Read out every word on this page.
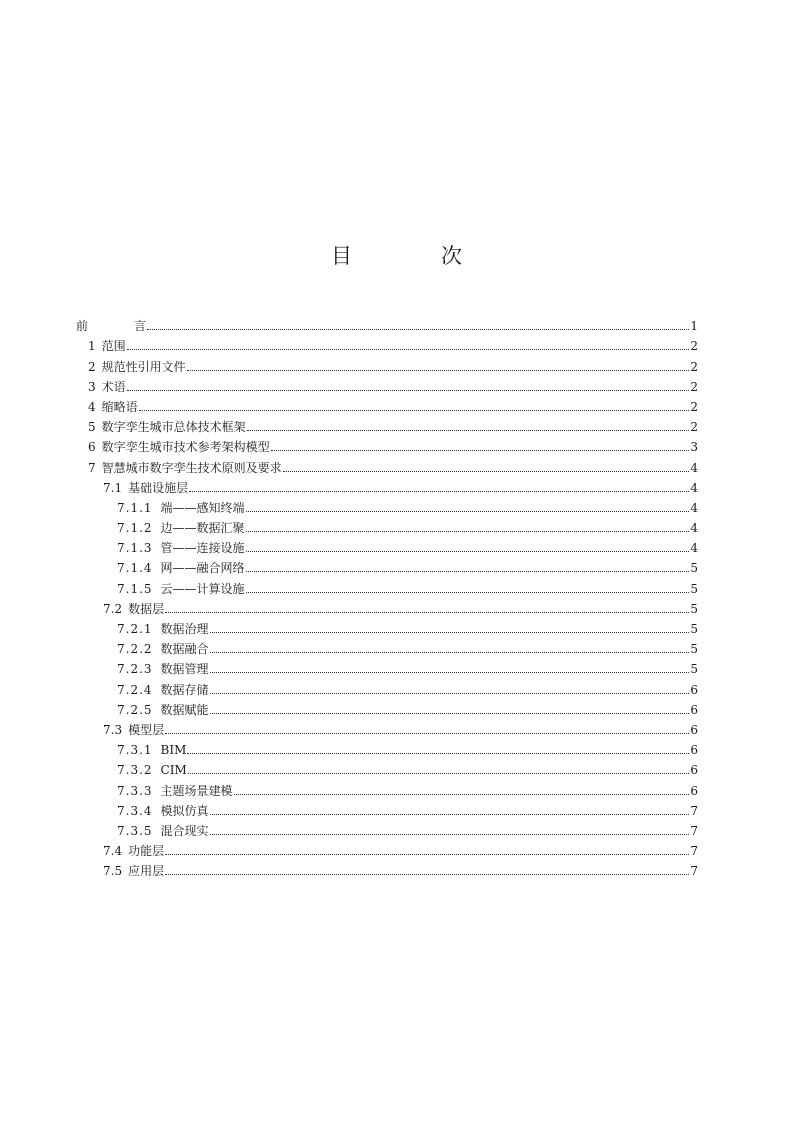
目　次
前	言	1
1 范围	2
2 规范性引用文件	2
3 术语	2
4 缩略语	2
5 数字孪生城市总体技术框架	2
6 数字孪生城市技术参考架构模型	3
7 智慧城市数字孪生技术原则及要求	4
7.1 基础设施层	4
7.1.1 端——感知终端	4
7.1.2 边——数据汇聚	4
7.1.3 管——连接设施	4
7.1.4 网——融合网络	5
7.1.5 云——计算设施	5
7.2 数据层	5
7.2.1 数据治理	5
7.2.2 数据融合	5
7.2.3 数据管理	5
7.2.4 数据存储	6
7.2.5 数据赋能	6
7.3 模型层	6
7.3.1 BIM	6
7.3.2 CIM	6
7.3.3 主题场景建模	6
7.3.4 模拟仿真	7
7.3.5 混合现实	7
7.4 功能层	7
7.5 应用层	7
